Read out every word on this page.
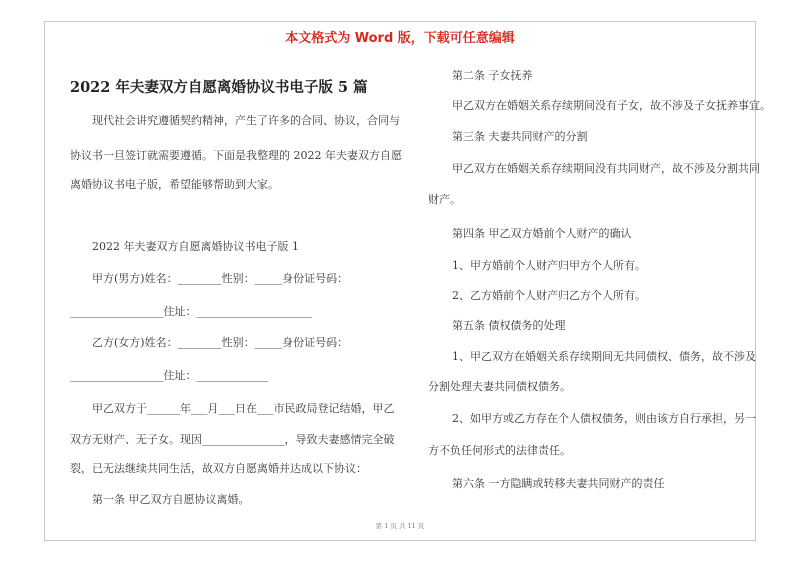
本文格式为 Word 版，下载可任意编辑
2022 年夫妻双方自愿离婚协议书电子版 5 篇
现代社会讲究遵循契约精神，产生了许多的合同、协议，合同与
协议书一旦签订就需要遵循。下面是我整理的 2022 年夫妻双方自愿
离婚协议书电子版，希望能够帮助到大家。
2022 年夫妻双方自愿离婚协议书电子版 1
甲方(男方)姓名：________性别：_____身份证号码：
_________________住址：_____________________
乙方(女方)姓名：________性别：_____身份证号码：
_________________住址：_____________
甲乙双方于______年___月___日在___市民政局登记结婚，甲乙
双方无财产、无子女。现因_______________，导致夫妻感情完全破
裂，已无法继续共同生活，故双方自愿离婚并达成以下协议：
第一条 甲乙双方自愿协议离婚。
第二条 子女抚养
甲乙双方在婚姻关系存续期间没有子女，故不涉及子女抚养事宜。
第三条 夫妻共同财产的分割
甲乙双方在婚姻关系存续期间没有共同财产，故不涉及分割共同
财产。
第四条 甲乙双方婚前个人财产的确认
1、甲方婚前个人财产归甲方个人所有。
2、乙方婚前个人财产归乙方个人所有。
第五条 债权债务的处理
1、甲乙双方在婚姻关系存续期间无共同债权、债务，故不涉及
分割处理夫妻共同债权债务。
2、如甲方或乙方存在个人债权债务，则由该方自行承担，另一
方不负任何形式的法律责任。
第六条 一方隐瞒或转移夫妻共同财产的责任
第 1 页 共 11 页
